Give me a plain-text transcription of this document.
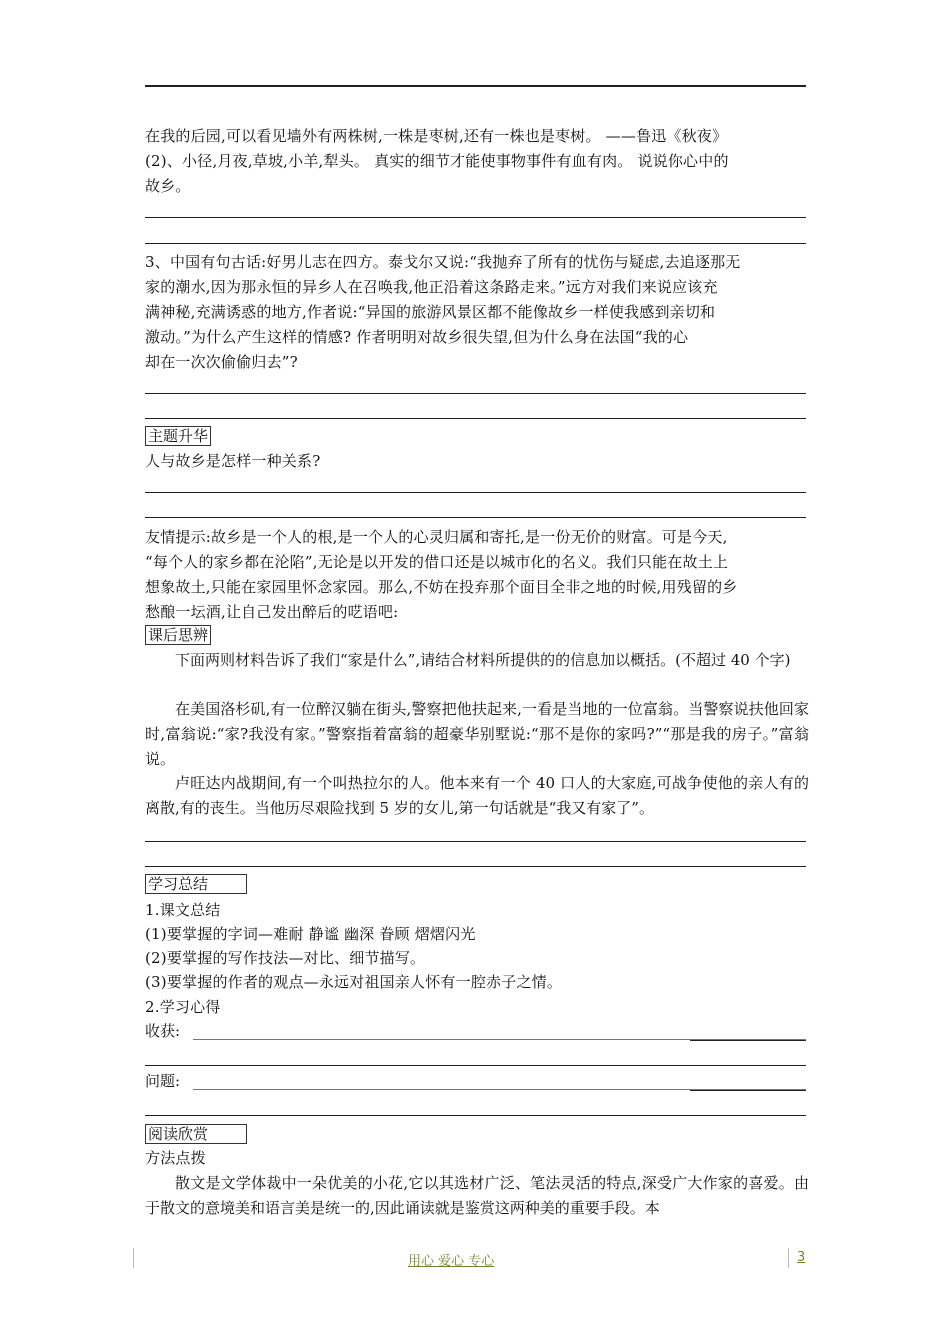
在我的后园,可以看见墙外有两株树,一株是枣树,还有一株也是枣树。 ——鲁迅《秋夜》
(2)、小径,月夜,草坡,小羊,犁头。 真实的细节才能使事物事件有血有肉。 说说你心中的
故乡。
3、中国有句古话:好男儿志在四方。泰戈尔又说:“我抛弃了所有的忧伤与疑虑,去追逐那无
家的潮水,因为那永恒的异乡人在召唤我,他正沿着这条路走来。”远方对我们来说应该充
满神秘,充满诱惑的地方,作者说:“异国的旅游风景区都不能像故乡一样使我感到亲切和
激动。”为什么产生这样的情感? 作者明明对故乡很失望,但为什么身在法国“我的心
却在一次次偷偷归去”?
主题升华
人与故乡是怎样一种关系?
友情提示:故乡是一个人的根,是一个人的心灵归属和寄托,是一份无价的财富。可是今天,
“每个人的家乡都在沦陷”,无论是以开发的借口还是以城市化的名义。我们只能在故土上
想象故土,只能在家园里怀念家园。那么,不妨在投弃那个面目全非之地的时候,用残留的乡
愁酿一坛酒,让自己发出醉后的呓语吧:
课后思辨
下面两则材料告诉了我们“家是什么”,请结合材料所提供的的信息加以概括。(不超过 40 个字)
在美国洛杉矶,有一位醉汉躺在街头,警察把他扶起来,一看是当地的一位富翁。当警察说扶他回家时,富翁说:“家?我没有家。”警察指着富翁的超豪华别墅说:“那不是你的家吗?”“那是我的房子。”富翁说。
卢旺达内战期间,有一个叫热拉尔的人。他本来有一个 40 口人的大家庭,可战争使他的亲人有的离散,有的丧生。当他历尽艰险找到 5 岁的女儿,第一句话就是“我又有家了”。
学习总结
1.课文总结
(1)要掌握的字词—难耐 静谧 幽深 眷顾 熠熠闪光
(2)要掌握的写作技法—对比、细节描写。
(3)要掌握的作者的观点—永远对祖国亲人怀有一腔赤子之情。
2.学习心得
收获:
问题:
阅读欣赏
方法点拨
散文是文学体裁中一朵优美的小花,它以其选材广泛、笔法灵活的特点,深受广大作家的喜爱。由于散文的意境美和语言美是统一的,因此诵读就是鉴赏这两种美的重要手段。本
用心 爱心 专心	3
